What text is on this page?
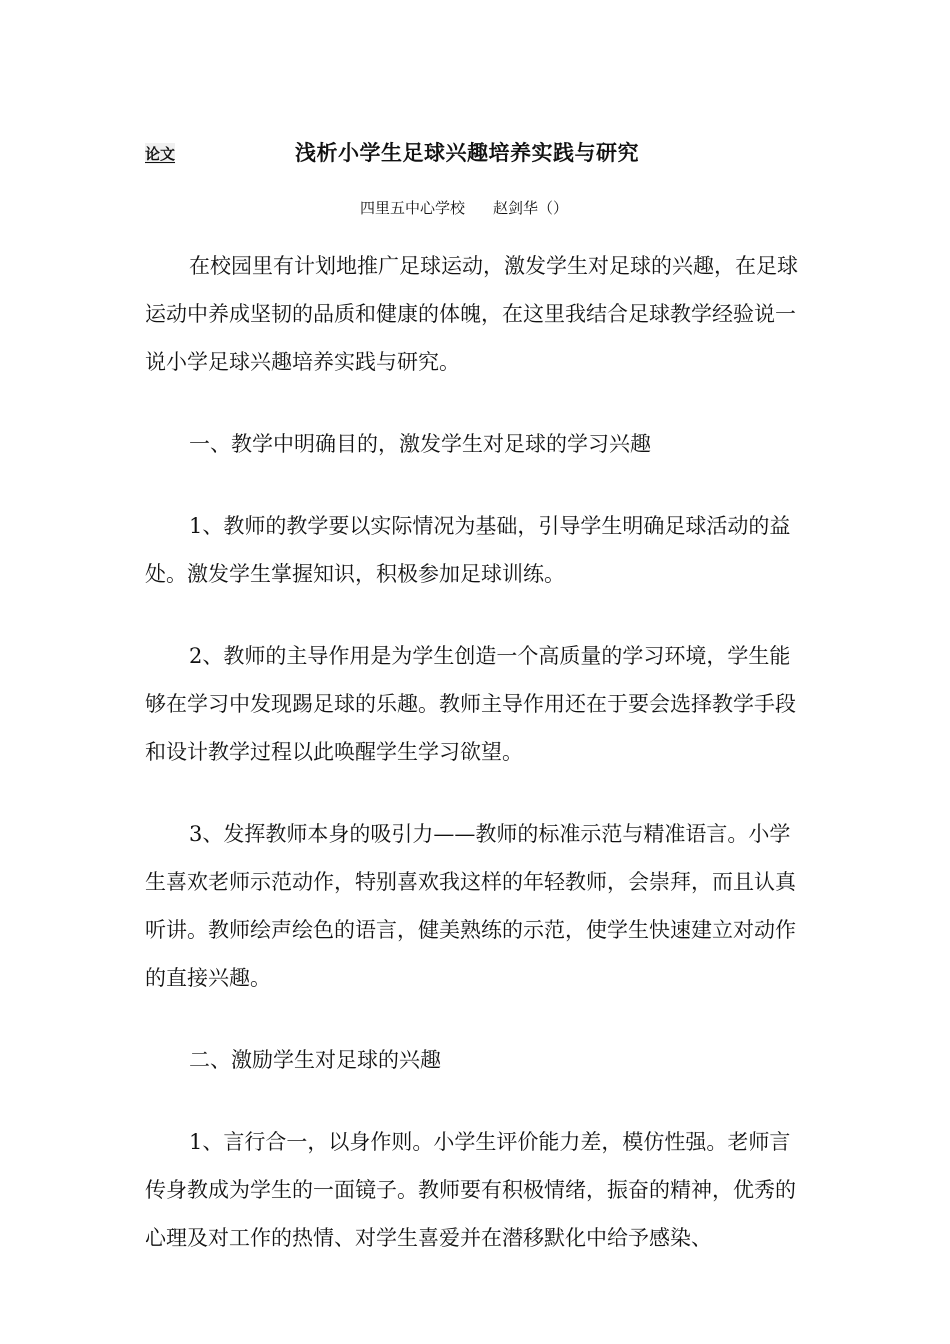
论文	浅析小学生足球兴趣培养实践与研究
四里五中心学校 赵剑华（）

在校园里有计划地推广足球运动，激发学生对足球的兴趣，在足球运动中养成坚韧的品质和健康的体魄，在这里我结合足球教学经验说一说小学足球兴趣培养实践与研究。

一、教学中明确目的，激发学生对足球的学习兴趣

1、教师的教学要以实际情况为基础，引导学生明确足球活动的益处。激发学生掌握知识，积极参加足球训练。

2、教师的主导作用是为学生创造一个高质量的学习环境，学生能够在学习中发现踢足球的乐趣。教师主导作用还在于要会选择教学手段和设计教学过程以此唤醒学生学习欲望。

3、发挥教师本身的吸引力——教师的标准示范与精准语言。小学生喜欢老师示范动作，特别喜欢我这样的年轻教师，会崇拜，而且认真听讲。教师绘声绘色的语言，健美熟练的示范，使学生快速建立对动作的直接兴趣。

二、激励学生对足球的兴趣

1、言行合一，以身作则。小学生评价能力差，模仿性强。老师言传身教成为学生的一面镜子。教师要有积极情绪，振奋的精神，优秀的心理及对工作的热情、对学生喜爱并在潜移默化中给予感染、
